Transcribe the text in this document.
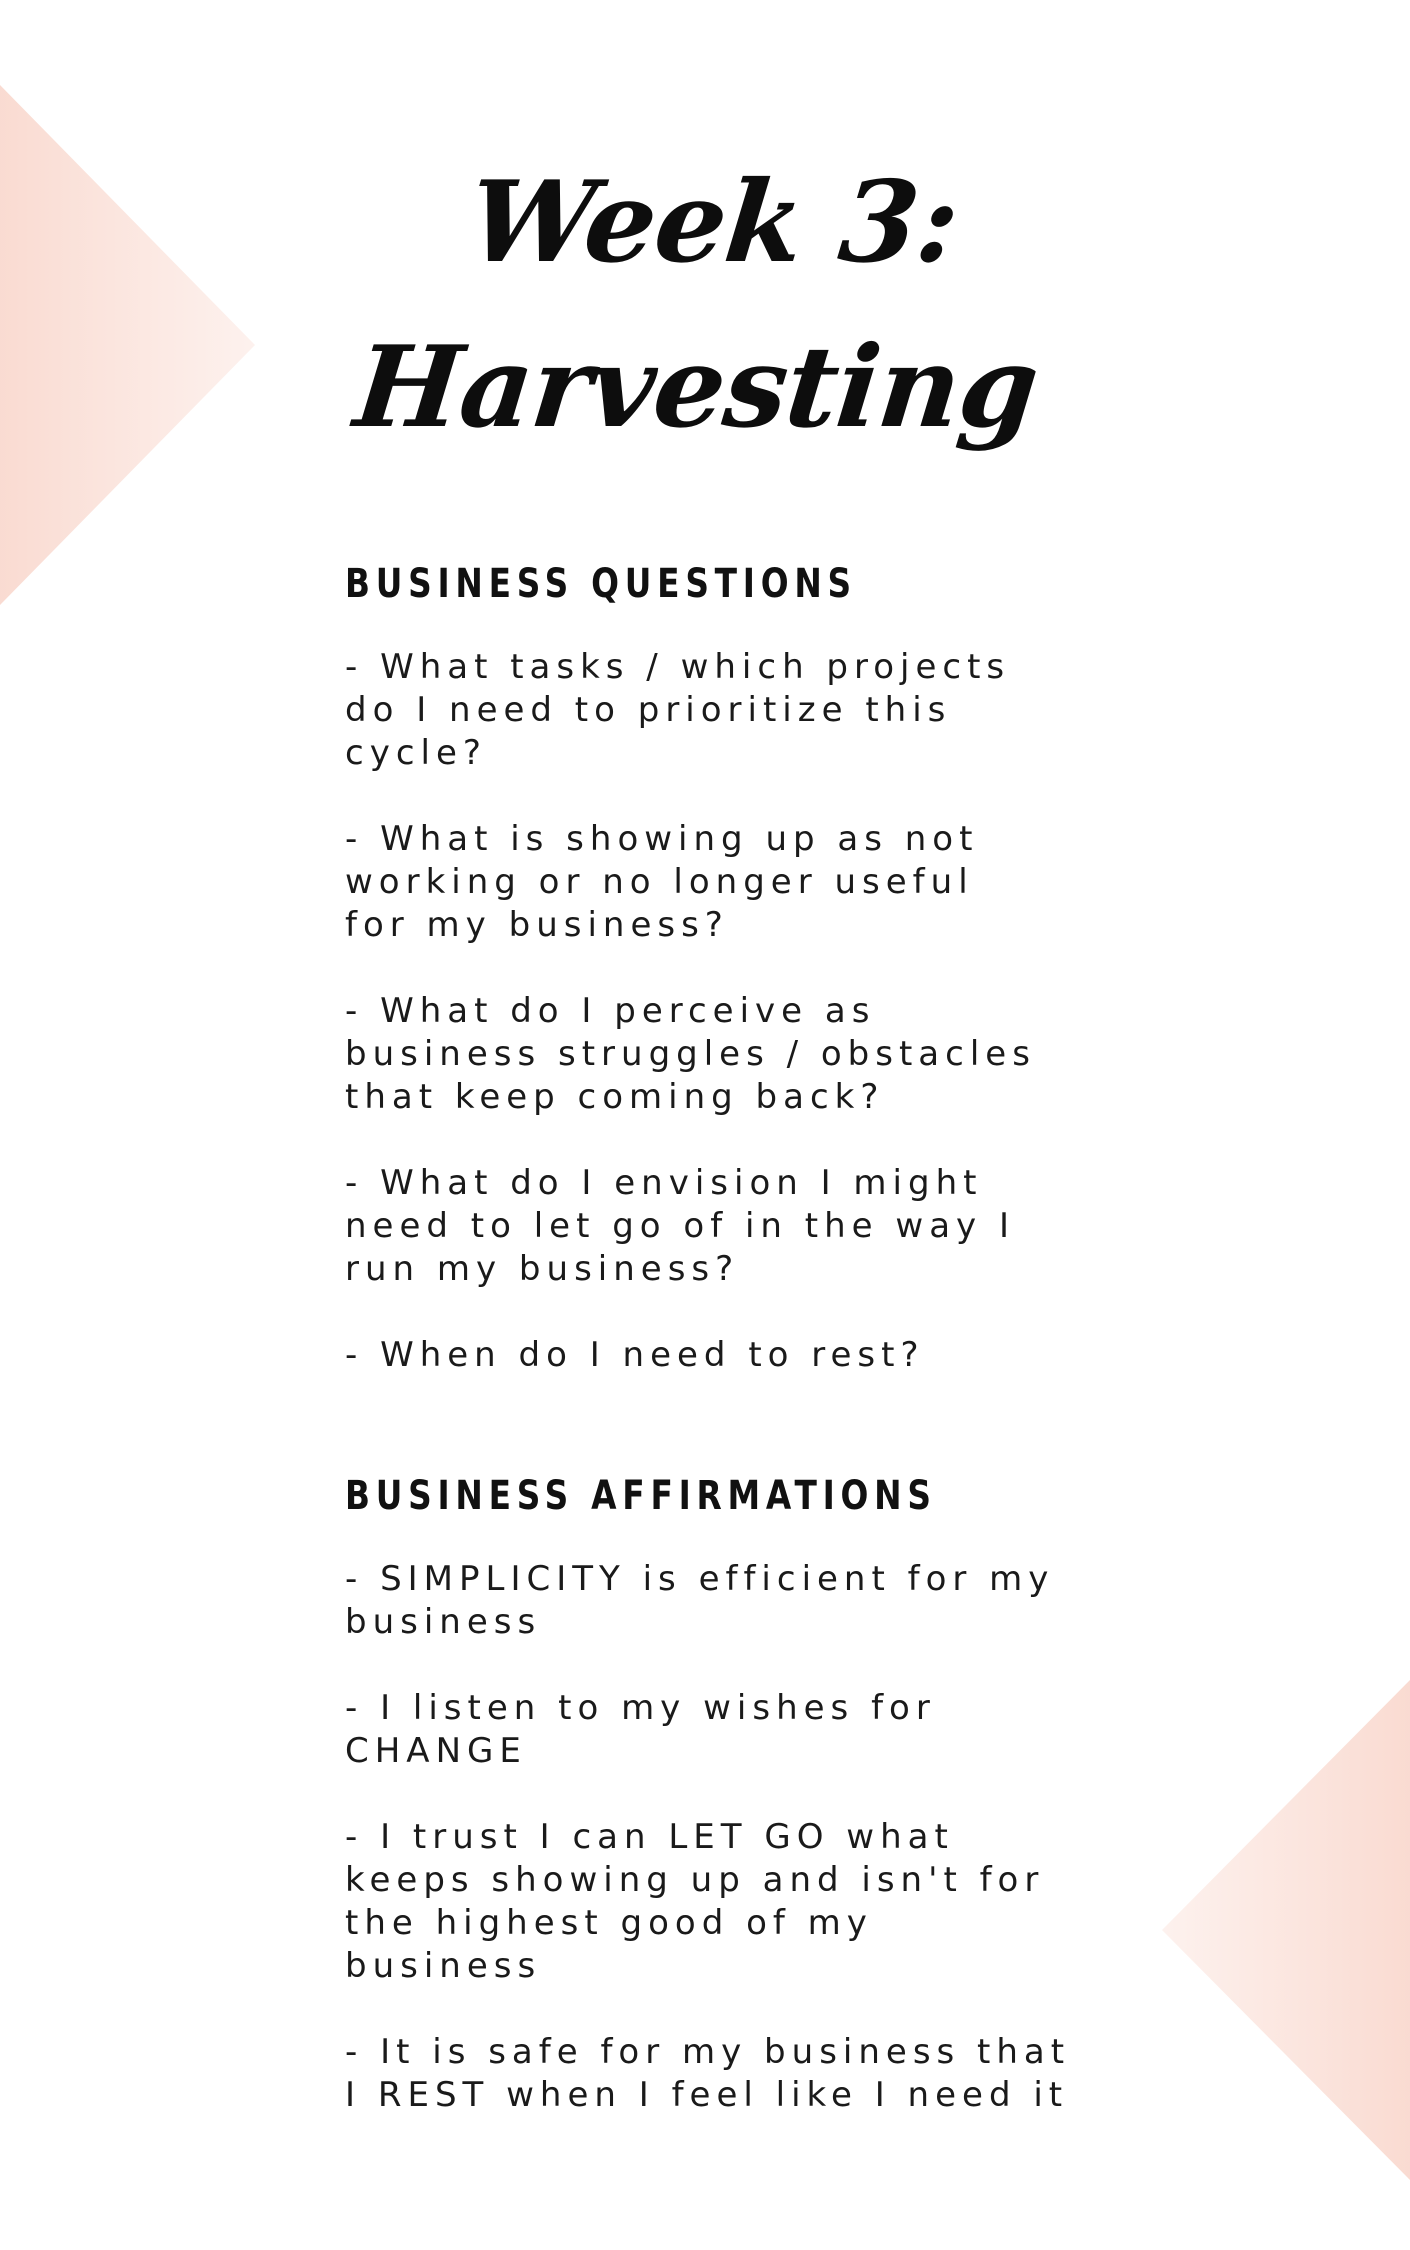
Week 3:
Harvesting
BUSINESS QUESTIONS

- What tasks / which projects
do I need to prioritize this
cycle?

- What is showing up as not
working or no longer useful
for my business?

- What do I perceive as
business struggles / obstacles
that keep coming back?

- What do I envision I might
need to let go of in the way I
run my business?

- When do I need to rest?

BUSINESS AFFIRMATIONS

- SIMPLICITY is efficient for my
business

- I listen to my wishes for
CHANGE

- I trust I can LET GO what
keeps showing up and isn't for
the highest good of my
business

- It is safe for my business that
I REST when I feel like I need it
